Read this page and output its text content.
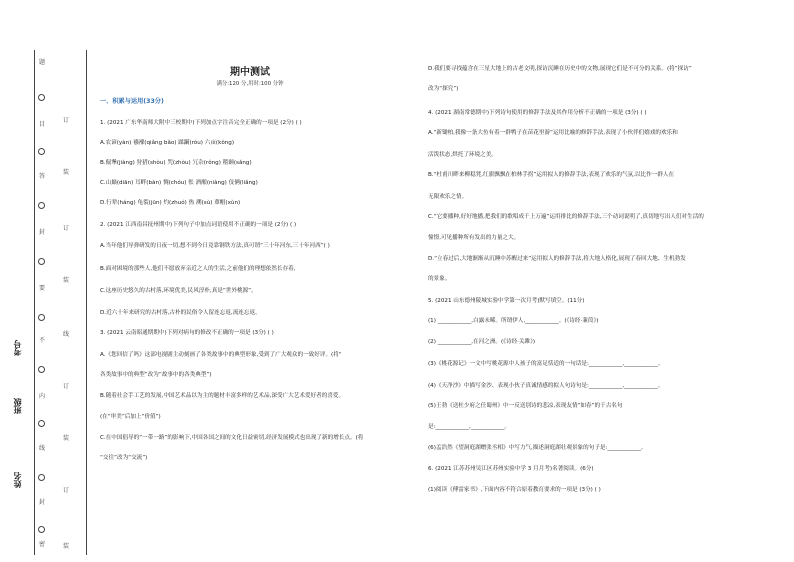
题
目
答
封
要
不
内
线
封
密
订
装
订
装
线
订
装
订
装
考号
班级
姓名
期中测试
满分:120 分,用时:100 分钟
一、积累与运用(33分)
1. (2021 广东华南师大附中三校期中)下列加点字注音完全正确的一项是 (2分) ( )
A.农谚(yàn) 襁褓(qiǎng bǎo) 蹂躏(róu) 六亩(kǒng)
B.倔犟(jiàng) 狩猎(shòu) 咒(zhòu) 冗杂(rǒng) 稽颡(sǎng)
C.山巅(diān) 耳畔(bàn) 惆(chóu) 怅 酒酿(niàng) 伎俩(liǎng)
D.行辈(háng) 龟裂(jūn) 灼(zhuó) 热 溯(sù) 蕈帽(xùn)
2. (2021 江西南昌抚州期中)下列句子中加点词语使用不正确的一项是 (2分) ( )
A.当年他们导弹研发的日夜一切,想不到今日竟靠钢铁方法,真可谓“三十年河东,三十年河西”( )
B.面对困境的那些人,他们不愿放弃亲近之人的生活,之前他们的理想依然长存着,
C.这座历史悠久的古村落,环境优美,民风淳朴,真是“世外桃源”。
D.近六十年来研究的古村落,古朴的民俗令人留连忘返,流连忘返。
3. (2021 云南昭通期期中)下列对病句的修改不正确的一项是 (3分) ( )
A.《您回信了吗》这部电视剧主动刻画了各类故事中的典型形象,受到了广大观众的一致好评。(将“
各类故事中的典型”改为“故事中的各类典型”)
B.随着社会手工艺的发展,中国艺术品以为主的题材丰富多样的艺术品,深受广大艺术爱好者的喜爱。
(在“审美”后加上“价值”)
C.在中国倡导的“一带一路”的影响下,中国各国之间的文化日益密切,经济发展模式也出现了新的增长点。(将
“交往”改为“交流”)
D.我们要寻找蕴含在三星大地上的古老文明,探访沉睡在历史中的文物,展现它们是不可分的关系。(将“探访”
改为“探究”)
4. (2021 湖南常德期中)下列诗句使用的修辞手法及其作用分析不正确的一项是 (3分) ( )
A.“新锄柏,我像一条大鱼有着一群鸭子在苗花里游”运用比喻的修辞手法,表现了小伙伴们嬉戏的欢乐和
活泼状态,烘托了环境之美。
B.“杜甫川畔来柳稳凳,红旗飘飘在柏林手拐”运用拟人的修辞手法,表现了欢乐的气氛,以比作一群人在
无限欢乐之情。
C.“它要播种,好好地播,把我们的歌唱成千上万遍”运用排比的修辞手法,三个动词说明了,真切地写出人们对生活的
憧憬,可见播种所有发出的力量之大。
D.“立春过后,大地渐渐从沉睡中苏醒过来”运用拟人的修辞手法,将大地人格化,展现了春回大地、生机勃发
的景象。
5. (2021 山东德州陵城实验中学第一次月考)默写填空。(11分)
(1) ____________,白露未晞。所谓伊人,____________。(《诗经·蒹葭》)
(2) ____________,在河之洲。(《诗经·关雎》)
(3)《桃花源记》一文中写桃花源中人孩子的富足恬适的一句话是:____________,____________。
(4)《天净沙》中描写金沙、表现小伙子真诚情感的拟人句诗句是:____________,____________。
(5)王勃《送杜少府之任蜀州》中一反送别诗的悲凉,表现友情“如春”的千古名句
是:____________,____________。
(6)孟浩然《望洞庭湖赠张丞相》中写力气,描述洞庭湖壮观景象的句子是:____________。
6. (2021 江苏苏州吴江区苏州实验中学 3 月月考)名著阅读。(6分)
(1)阅读《傅雷家书》,下面内容不符合原着教育要求的一项是 (3分) ( )
